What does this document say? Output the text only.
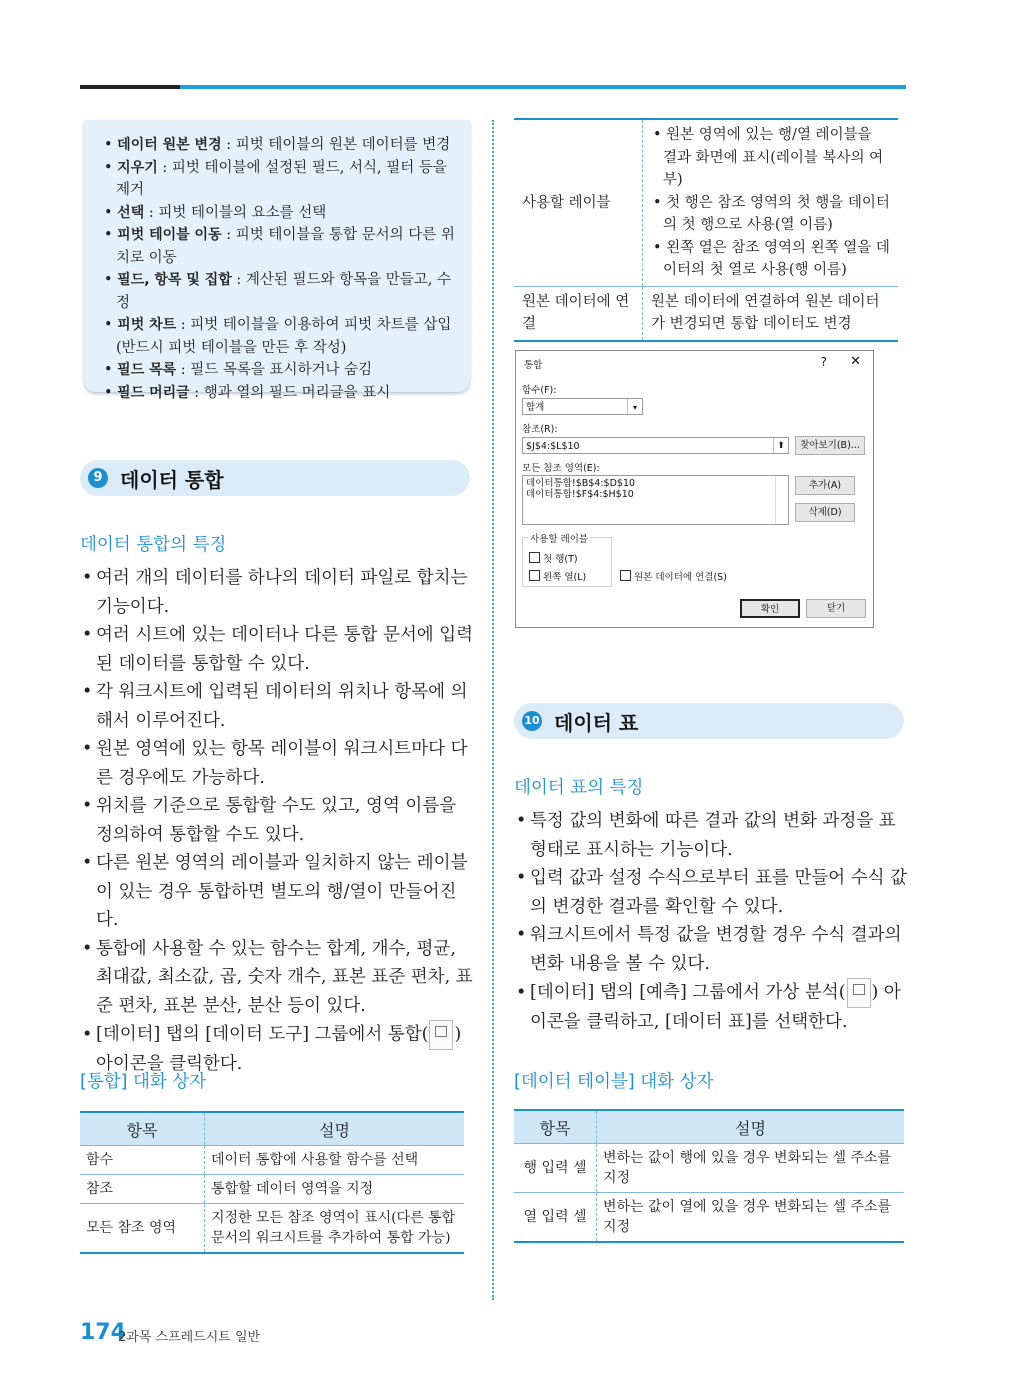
• 데이터 원본 변경 : 피벗 테이블의 원본 데이터를 변경
• 지우기 : 피벗 테이블에 설정된 필드, 서식, 필터 등을 제거
• 선택 : 피벗 테이블의 요소를 선택
• 피벗 테이블 이동 : 피벗 테이블을 통합 문서의 다른 위치로 이동
• 필드, 항목 및 집합 : 계산된 필드와 항목을 만들고, 수정
• 피벗 차트 : 피벗 테이블을 이용하여 피벗 차트를 삽입(반드시 피벗 테이블을 만든 후 작성)
• 필드 목록 : 필드 목록을 표시하거나 숨김
• 필드 머리글 : 행과 열의 필드 머리글을 표시
9 데이터 통합
데이터 통합의 특징
• 여러 개의 데이터를 하나의 데이터 파일로 합치는 기능이다.
• 여러 시트에 있는 데이터나 다른 통합 문서에 입력된 데이터를 통합할 수 있다.
• 각 워크시트에 입력된 데이터의 위치나 항목에 의해서 이루어진다.
• 원본 영역에 있는 항목 레이블이 워크시트마다 다른 경우에도 가능하다.
• 위치를 기준으로 통합할 수도 있고, 영역 이름을 정의하여 통합할 수도 있다.
• 다른 원본 영역의 레이블과 일치하지 않는 레이블이 있는 경우 통합하면 별도의 행/열이 만들어진다.
• 통합에 사용할 수 있는 함수는 합계, 개수, 평균, 최대값, 최소값, 곱, 숫자 개수, 표본 표준 편차, 표준 편차, 표본 분산, 분산 등이 있다.
• [데이터] 탭의 [데이터 도구] 그룹에서 통합( ) 아이콘을 클릭한다.
[통합] 대화 상자
항목	설명
함수	데이터 통합에 사용할 함수를 선택
참조	통합할 데이터 영역을 지정
모든 참조 영역	지정한 모든 참조 영역이 표시(다른 통합 문서의 워크시트를 추가하여 통합 가능)
사용할 레이블	• 원본 영역에 있는 행/열 레이블을 결과 화면에 표시(레이블 복사의 여부)
• 첫 행은 참조 영역의 첫 행을 데이터의 첫 행으로 사용(열 이름)
• 왼쪽 열은 참조 영역의 왼쪽 열을 데이터의 첫 열로 사용(행 이름)

원본 데이터에 연결	원본 데이터에 연결하여 원본 데이터가 변경되면 통합 데이터도 변경
통합	? ✕
함수(F):
합계	▾
참조(R):
$J$4:$L$10	⬆	찾아보기(B)...
모든 참조 영역(E):
데이터통합!$B$4:$D$10
데이터통합!$F$4:$H$10
추가(A)
삭제(D)
사용할 레이블
첫 행(T)
왼쪽 열(L)	원본 데이터에 연결(S)
확인	닫기
10 데이터 표
데이터 표의 특징
• 특정 값의 변화에 따른 결과 값의 변화 과정을 표 형태로 표시하는 기능이다.
• 입력 값과 설정 수식으로부터 표를 만들어 수식 값의 변경한 결과를 확인할 수 있다.
• 워크시트에서 특정 값을 변경할 경우 수식 결과의 변화 내용을 볼 수 있다.
• [데이터] 탭의 [예측] 그룹에서 가상 분석( ) 아이콘을 클릭하고, [데이터 표]를 선택한다.
[데이터 테이블] 대화 상자
항목	설명
행 입력 셀	변하는 값이 행에 있을 경우 변화되는 셀 주소를 지정
열 입력 셀	변하는 값이 열에 있을 경우 변화되는 셀 주소를 지정
174
2과목 스프레드시트 일반
